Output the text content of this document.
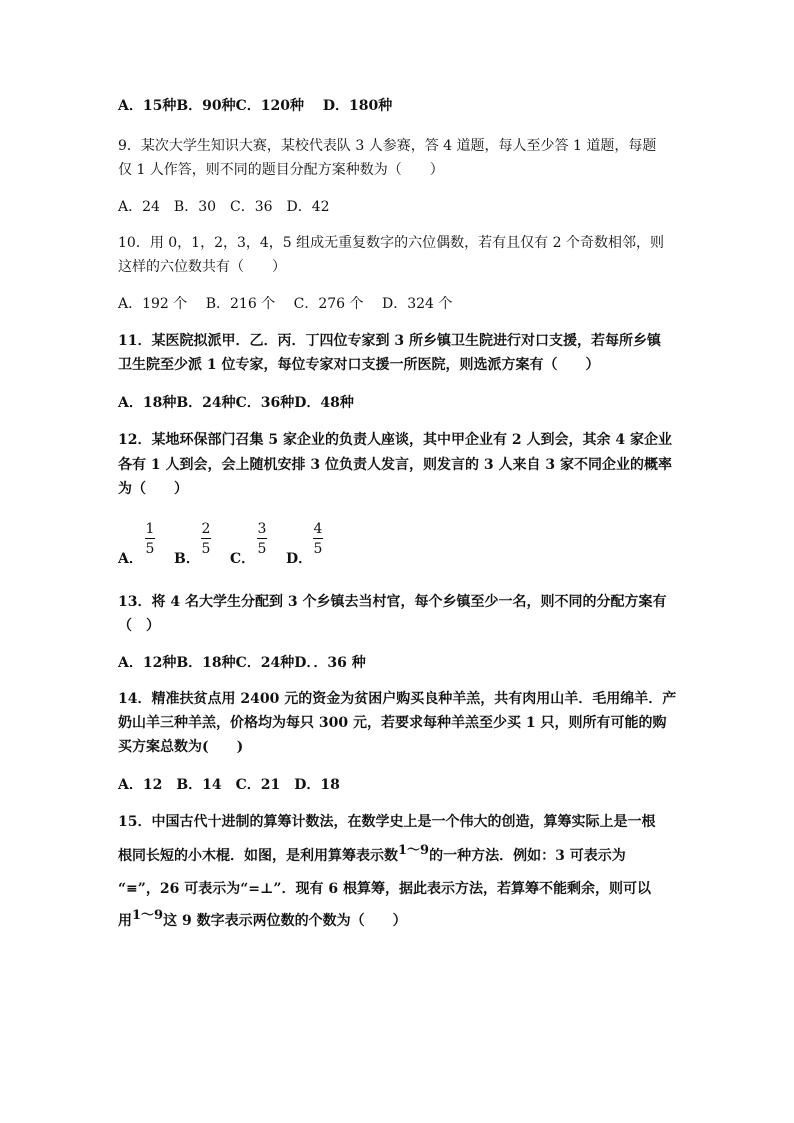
A．15种B．90种C．120种　 D．180种
9．某次大学生知识大赛，某校代表队 3 人参赛，答 4 道题，每人至少答 1 道题，每题
仅 1 人作答，则不同的题目分配方案种数为（　　）
A．24　B．30　C．36　D．42
10．用 0，1，2，3，4，5 组成无重复数字的六位偶数，若有且仅有 2 个奇数相邻，则
这样的六位数共有（　　）
A．192 个　 B．216 个　 C．276 个　 D．324 个
11．某医院拟派甲．乙．丙．丁四位专家到 3 所乡镇卫生院进行对口支援，若每所乡镇
卫生院至少派 1 位专家，每位专家对口支援一所医院，则选派方案有（　　）
A．18种B．24种C．36种D．48种
12．某地环保部门召集 5 家企业的负责人座谈，其中甲企业有 2 人到会，其余 4 家企业
各有 1 人到会，会上随机安排 3 位负责人发言，则发言的 3 人来自 3 家不同企业的概率
为（　　）
A．
1
5
B．
2
5
C．
3
5
D．
4
5
13．将 4 名大学生分配到 3 个乡镇去当村官，每个乡镇至少一名，则不同的分配方案有
（　）
A．12种B．18种C．24种D．．36 种
14．精准扶贫点用 2400 元的资金为贫困户购买良种羊羔，共有肉用山羊．毛用绵羊．产
奶山羊三种羊羔，价格均为每只 300 元，若要求每种羊羔至少买 1 只，则所有可能的购
买方案总数为(　　)
A．12　B．14　C．21　D．18
15．中国古代十进制的算筹计数法，在数学史上是一个伟大的创造，算筹实际上是一根
根同长短的小木棍．如图，是利用算筹表示数1～9的一种方法．例如：3 可表示为
“≡”，26 可表示为“=⊥”．现有 6 根算筹，据此表示方法，若算筹不能剩余，则可以
用1～9这 9 数字表示两位数的个数为（　　）
